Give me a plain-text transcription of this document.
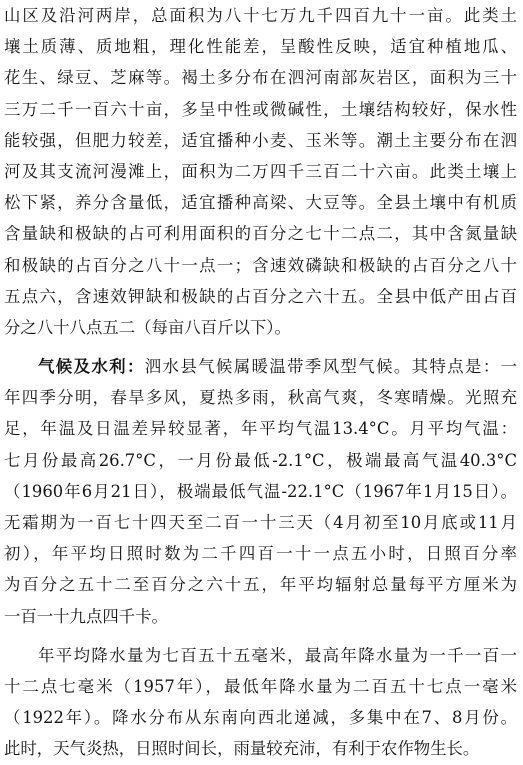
山区及沿河两岸，总面积为八十七万九千四百九十一亩。此类土
壤土质薄、质地粗，理化性能差，呈酸性反映，适宜种植地瓜、
花生、绿豆、芝麻等。褐土多分布在泗河南部灰岩区，面积为三十
三万二千一百六十亩，多呈中性或微碱性，土壤结构较好，保水性
能较强，但肥力较差，适宜播种小麦、玉米等。潮土主要分布在泗
河及其支流河漫滩上，面积为二万四千三百二十六亩。此类土壤上
松下紧，养分含量低，适宜播种高梁、大豆等。全县土壤中有机质
含量缺和极缺的占可利用面积的百分之七十二点二，其中含氮量缺
和极缺的占百分之八十一点一；含速效磷缺和极缺的占百分之八十
五点六，含速效钾缺和极缺的占百分之六十五。全县中低产田占百
分之八十八点五二（每亩八百斤以下）。
气候及水利：泗水县气候属暖温带季风型气候。其特点是：一
年四季分明，春旱多风，夏热多雨，秋高气爽，冬寒晴燥。光照充
足，年温及日温差异较显著，年平均气温13.4°C。月平均气温：
七月份最高26.7°C，一月份最低-2.1°C，极端最高气温40.3°C
（1960年6月21日），极端最低气温-22.1°C（1967年1月15日）。
无霜期为一百七十四天至二百一十三天（4月初至10月底或11月
初），年平均日照时数为二千四百一十一点五小时，日照百分率
为百分之五十二至百分之六十五，年平均辐射总量每平方厘米为
一百一十九点四千卡。
年平均降水量为七百五十五毫米，最高年降水量为一千一百一
十二点七毫米（1957年），最低年降水量为二百五十七点一毫米
（1922年）。降水分布从东南向西北递减，多集中在7、8月份。
此时，天气炎热，日照时间长，雨量较充沛，有利于农作物生长。
